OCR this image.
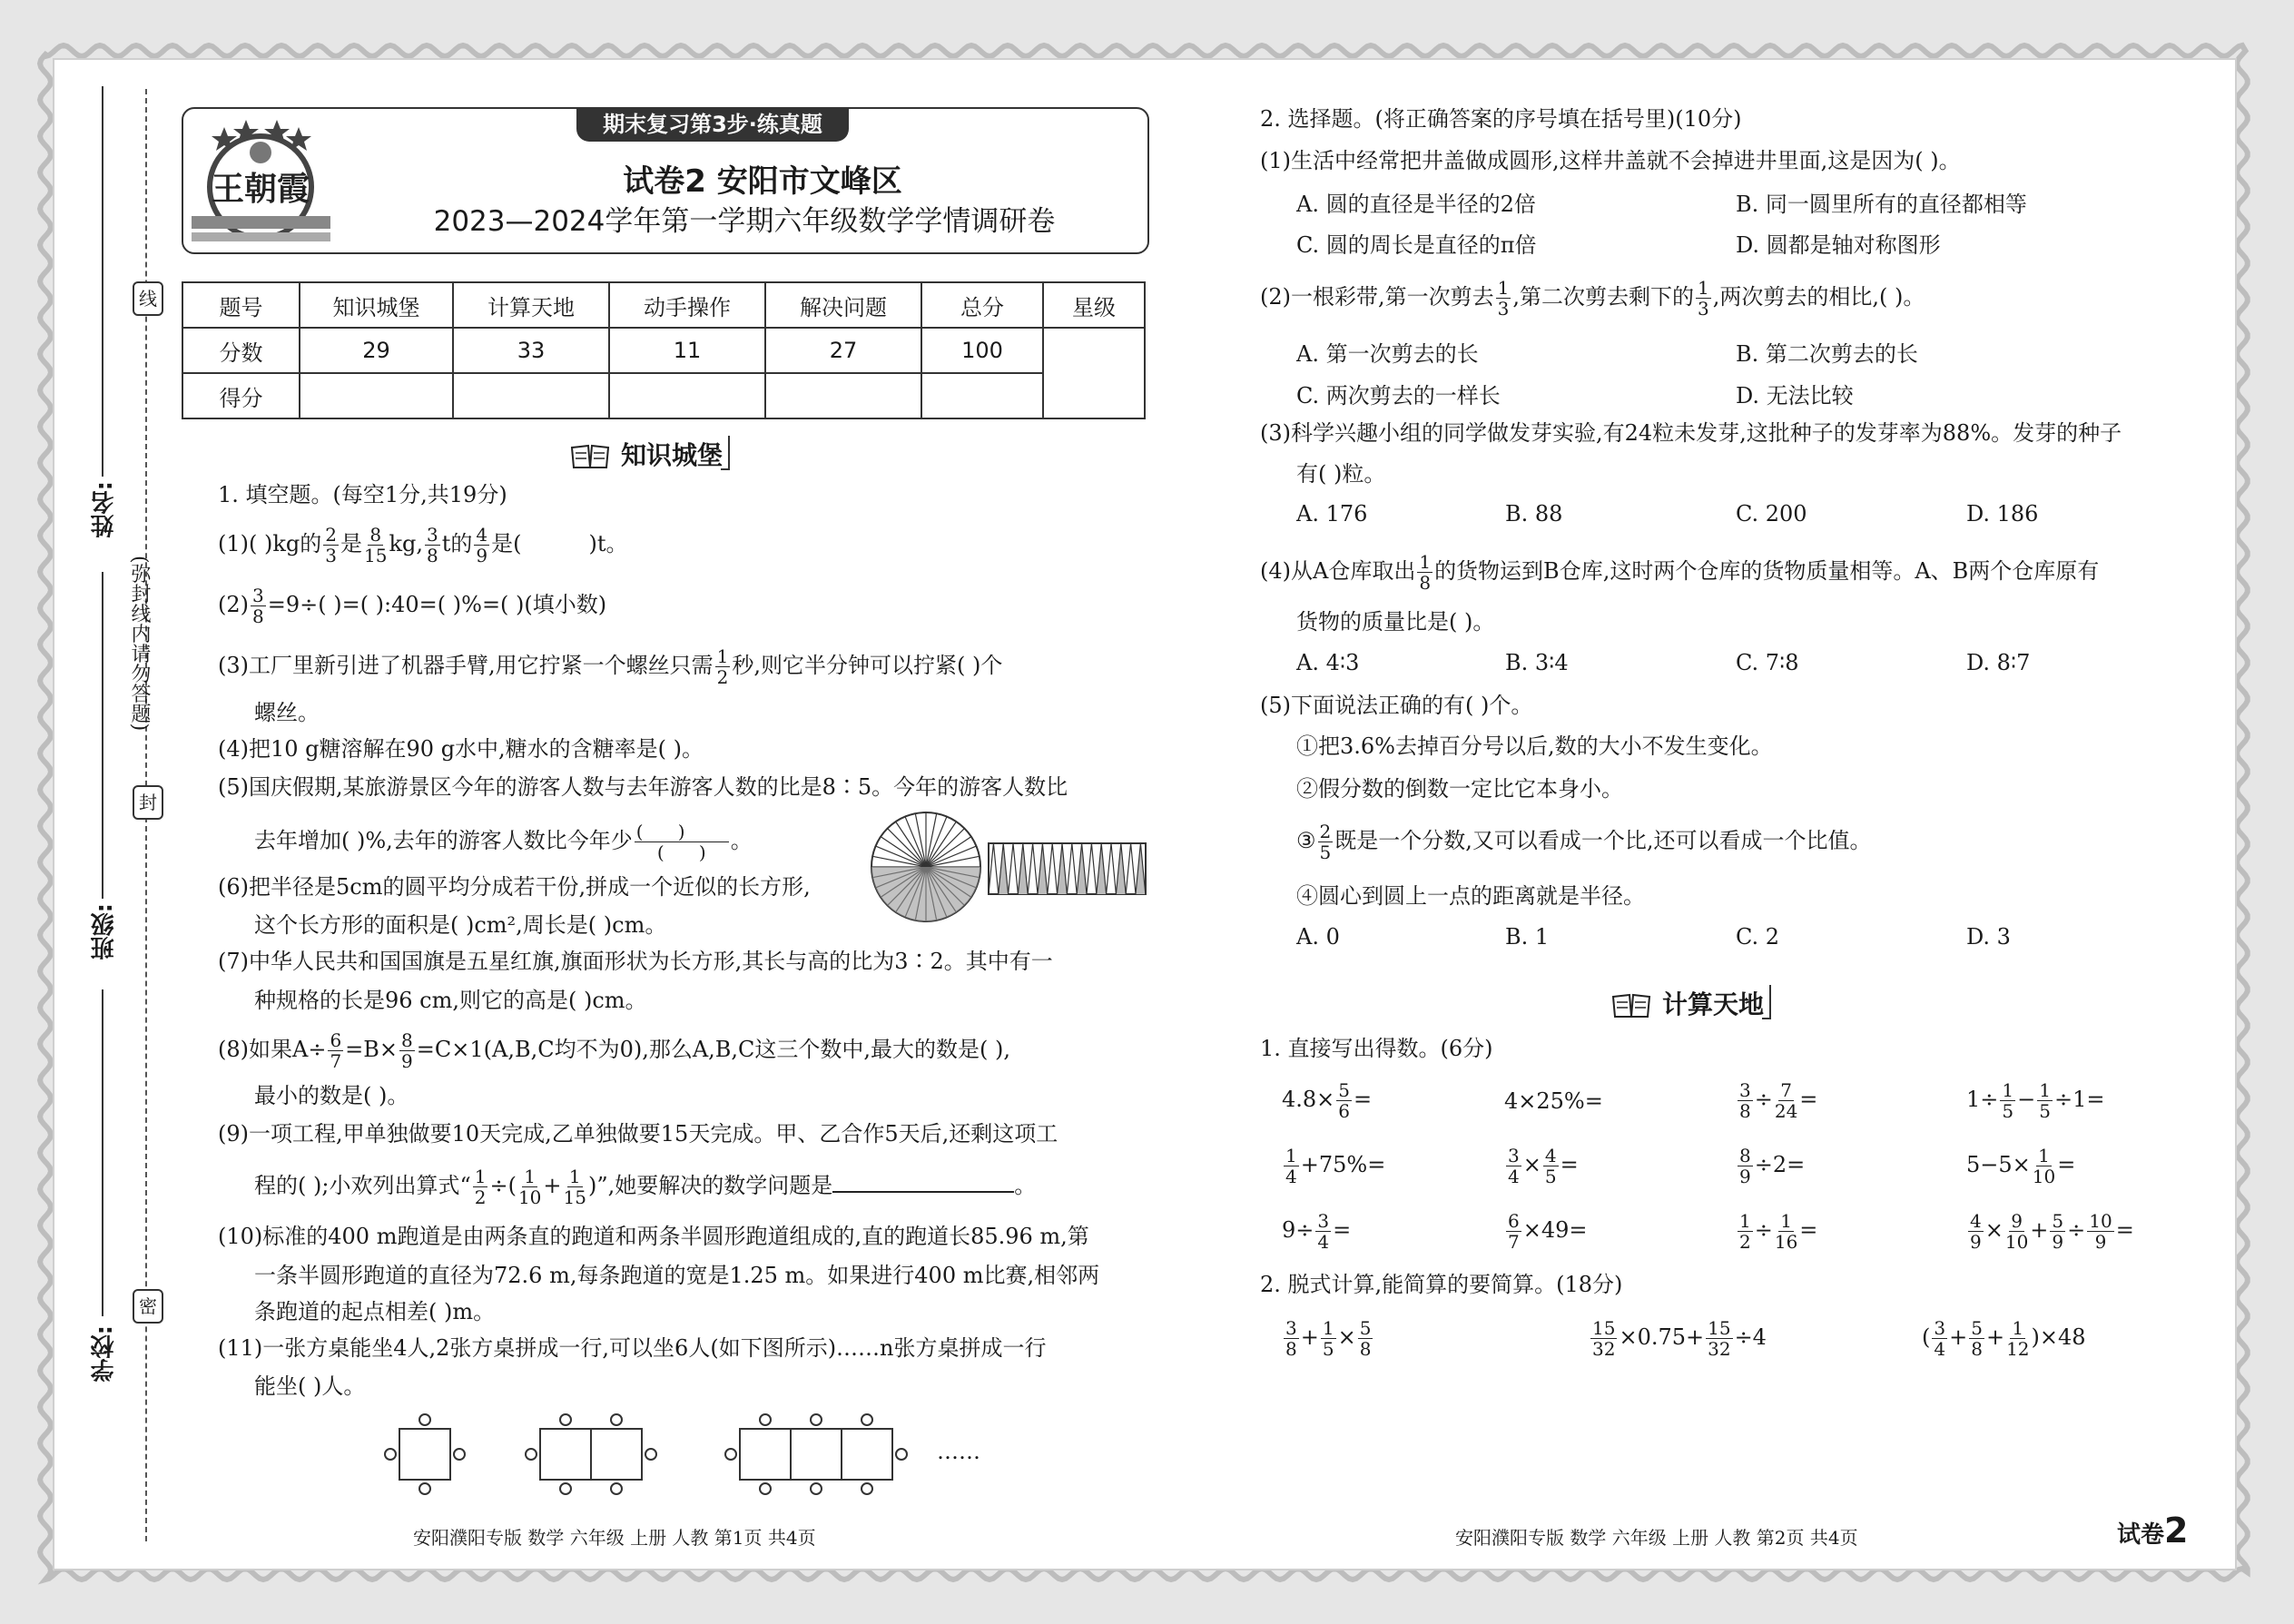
姓名:
班级:
学校:
线
(弥封线内请勿答题)
封
密
期末复习第3步·练真题
王朝霞	试卷2 安阳市文峰区
2023—2024学年第一学期六年级数学学情调研卷
题号	知识城堡	计算天地	动手操作	解决问题	总分	星级
分数	29	33	11	27	100	
得分						
知识城堡
1. 填空题。(每空1分,共19分)
(1)( )kg的 $\frac{2}{3}$ 是 $\frac{8}{15}$ kg, $\frac{3}{8}$ t的 $\frac{4}{9}$ 是(	)t。
$(2) \frac{3}{8} =9\div$( )=( ):40=( )%=( )(填小数)
(3)工厂里新引进了机器手臂,用它拧紧一个螺丝只需 $\frac{1}{2}$ 秒,则它半分钟可以拧紧( )个
螺丝。
(4)把10 g糖溶解在90 g水中,糖水的含糖率是( )。
(5)国庆假期,某旅游景区今年的游客人数与去年游客人数的比是8∶5。今年的游客人数比
去年增加( )%,去年的游客人数比今年少 $\frac{( )}{( )}$ 。
(6)把半径是5cm的圆平均分成若干份,拼成一个近似的长方形,
这个长方形的面积是( )cm²,周长是( )cm。
(7)中华人民共和国国旗是五星红旗,旗面形状为长方形,其长与高的比为3∶2。其中有一
种规格的长是96 cm,则它的高是( )cm。
(8)如果$A\div \frac{6}{7} =B\times \frac{8}{9} =C\times 1(A,B,C$均不为0),那么A,B,C这三个数中,最大的数是( ),
最小的数是( )。
(9)一项工程,甲单独做要10天完成,乙单独做要15天完成。甲、乙合作5天后,还剩这项工
程的( );小欢列出算式“ $\frac{1}{2}$ ÷( $\frac{1}{10} + \frac{1}{15}$ )”,她要解决的数学问题是	。
(10)标准的400 m跑道是由两条直的跑道和两条半圆形跑道组成的,直的跑道长85.96 m,第
一条半圆形跑道的直径为72.6 m,每条跑道的宽是1.25 m。如果进行400 m比赛,相邻两
条跑道的起点相差( )m。
(11)一张方桌能坐4人,2张方桌拼成一行,可以坐6人(如下图所示)……n张方桌拼成一行
能坐( )人。
……
安阳濮阳专版 数学 六年级 上册 人教 第1页 共4页
2. 选择题。(将正确答案的序号填在括号里)(10分)
(1)生活中经常把井盖做成圆形,这样井盖就不会掉进井里面,这是因为( )。
A. 圆的直径是半径的2倍	B. 同一圆里所有的直径都相等
C. 圆的周长是直径的π倍	D. 圆都是轴对称图形
(2)一根彩带,第一次剪去 $\frac{1}{3}$ ,第二次剪去剩下的 $\frac{1}{3}$ ,两次剪去的相比,( )。
A. 第一次剪去的长	B. 第二次剪去的长
C. 两次剪去的一样长	D. 无法比较
(3)科学兴趣小组的同学做发芽实验,有24粒未发芽,这批种子的发芽率为88%。发芽的种子
有( )粒。
A. 176	B. 88	C. 200	D. 186
(4)从A仓库取出 $\frac{1}{8}$ 的货物运到B仓库,这时两个仓库的货物质量相等。A、B两个仓库原有
货物的质量比是( )。
A. 4∶3	B. 3∶4	C. 7∶8	D. 8∶7
(5)下面说法正确的有( )个。
①把3.6%去掉百分号以后,数的大小不发生变化。
②假分数的倒数一定比它本身小。
③ $\frac{2}{5}$ 既是一个分数,又可以看成一个比,还可以看成一个比值。
④圆心到圆上一点的距离就是半径。
A. 0	B. 1	C. 2	D. 3
计算天地
1. 直接写出得数。(6分)
$4.8\times \frac{5}{6}$ =	4×25%=	$\frac{3}{8} \div \frac{7}{24}$ =	$1\div \frac{1}{5} - \frac{1}{5} \div 1=$
$\frac{1}{4} +75\%=$	$\frac{3}{4} \times \frac{4}{5}$ =	$\frac{8}{9} \div 2=$	$5-5\times \frac{1}{10}$ =
$9\div \frac{3}{4}$ =	$\frac{6}{7} \times 49=$	$\frac{1}{2} \div \frac{1}{16}$ =	$\frac{4}{9} \times \frac{9}{10} + \frac{5}{9} \div \frac{10}{9}$ =
2. 脱式计算,能简算的要简算。(18分)
$\frac{3}{8} + \frac{1}{5} \times \frac{5}{8}$	$\frac{15}{32} \times 0.75+ \frac{15}{32} \div 4$	( $\frac{3}{4} + \frac{5}{8} + \frac{1}{12} )\times 48$
安阳濮阳专版 数学 六年级 上册 人教 第2页 共4页	试卷2
